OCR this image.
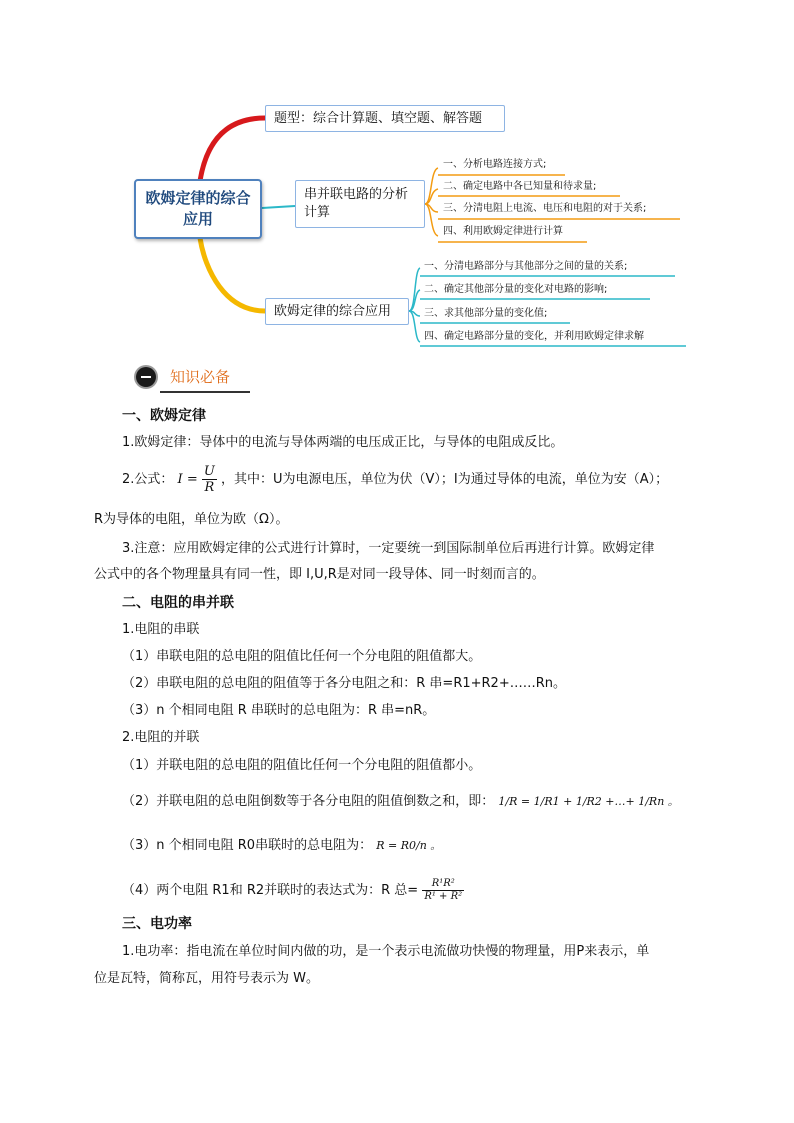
欧姆定律的综合应用
题型：综合计算题、填空题、解答题
串并联电路的分析计算
欧姆定律的综合应用
一、分析电路连接方式;
二、确定电路中各已知量和待求量;
三、分清电阻上电流、电压和电阻的对于关系;
四、利用欧姆定律进行计算
一、分清电路部分与其他部分之间的量的关系;
二、确定其他部分量的变化对电路的影响;
三、求其他部分量的变化值;
四、确定电路部分量的变化，并利用欧姆定律求解
知识必备
一、欧姆定律
1.欧姆定律：导体中的电流与导体两端的电压成正比，与导体的电阻成反比。
2.公式： $I = \frac{U}{R}$ ，其中：U为电源电压，单位为伏（V）；I为通过导体的电流，单位为安（A）；
R为导体的电阻，单位为欧（Ω）。
3.注意：应用欧姆定律的公式进行计算时，一定要统一到国际制单位后再进行计算。欧姆定律
公式中的各个物理量具有同一性，即 I,U,R是对同一段导体、同一时刻而言的。
二、电阻的串并联
1.电阻的串联
（1）串联电阻的总电阻的阻值比任何一个分电阻的阻值都大。
（2）串联电阻的总电阻的阻值等于各分电阻之和：R 串=R1+R2+……Rn。
（3）n 个相同电阻 R 串联时的总电阻为：R 串=nR。
2.电阻的并联
（1）并联电阻的总电阻的阻值比任何一个分电阻的阻值都小。
（2）并联电阻的总电阻倒数等于各分电阻的阻值倒数之和，即： 1/R = 1/R1 + 1/R2 +…+ 1/Rn 。
（3）n 个相同电阻 R0串联时的总电阻为： R = R0/n 。
（4）两个电阻 R1和 R2并联时的表达式为：R 总= $\frac{\text{R¹R²}}{\text{R¹ + R²}}$
三、电功率
1.电功率：指电流在单位时间内做的功，是一个表示电流做功快慢的物理量，用P来表示，单
位是瓦特，简称瓦，用符号表示为 W。
